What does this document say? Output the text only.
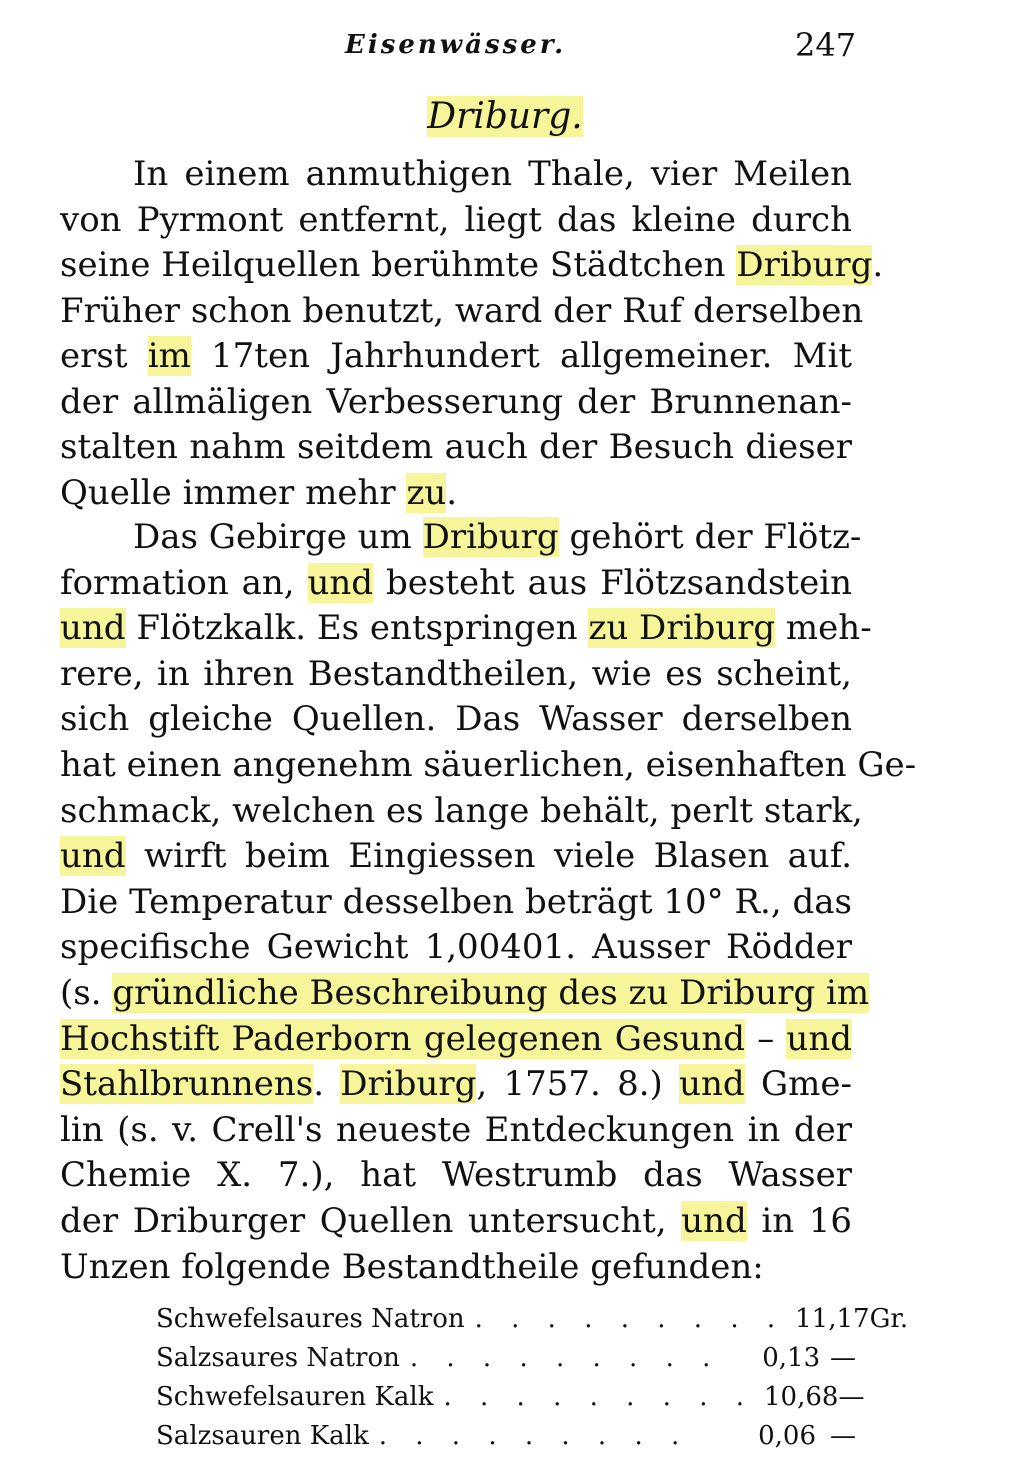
Eisenwässer.	247
Driburg.
In einem anmuthigen Thale, vier Meilen
von Pyrmont entfernt, liegt das kleine durch
seine Heilquellen berühmte Städtchen Driburg.
Früher schon benutzt, ward der Ruf derselben
erst im 17ten Jahrhundert allgemeiner. Mit
der allmäligen Verbesserung der Brunnenan-
stalten nahm seitdem auch der Besuch dieser
Quelle immer mehr zu.
Das Gebirge um Driburg gehört der Flötz-
formation an, und besteht aus Flötzsandstein
und Flötzkalk. Es entspringen zu Driburg meh-
rere, in ihren Bestandtheilen, wie es scheint,
sich gleiche Quellen. Das Wasser derselben
hat einen angenehm säuerlichen, eisenhaften Ge-
schmack, welchen es lange behält, perlt stark,
und wirft beim Eingiessen viele Blasen auf.
Die Temperatur desselben beträgt 10° R., das
specifische Gewicht 1,00401. Ausser Rödder
(s. gründliche Beschreibung des zu Driburg im
Hochstift Paderborn gelegenen Gesund – und
Stahlbrunnens. Driburg, 1757. 8.) und Gme-
lin (s. v. Crell's neueste Entdeckungen in der
Chemie X. 7.), hat Westrumb das Wasser
der Driburger Quellen untersucht, und in 16
Unzen folgende Bestandtheile gefunden:
Schwefelsaures Natron . . . . . . . . . 11,17 Gr.
Salzsaures Natron . . . . . . . . .	0,13 —
Schwefelsauren Kalk . . . . . . . . . 10,68 —
Salzsauren Kalk . . . . . . . . .	0,06 —
